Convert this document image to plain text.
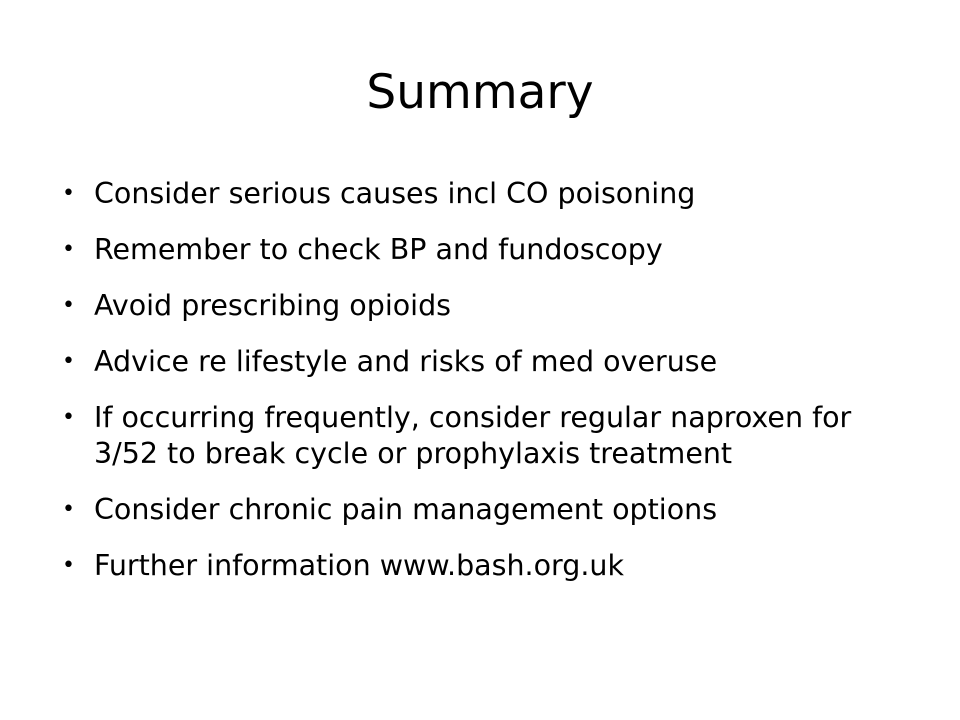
Summary
• Consider serious causes incl CO poisoning
• Remember to check BP and fundoscopy
• Avoid prescribing opioids
• Advice re lifestyle and risks of med overuse
• If occurring frequently, consider regular naproxen for 3/52 to break cycle or prophylaxis treatment
• Consider chronic pain management options
• Further information www.bash.org.uk
